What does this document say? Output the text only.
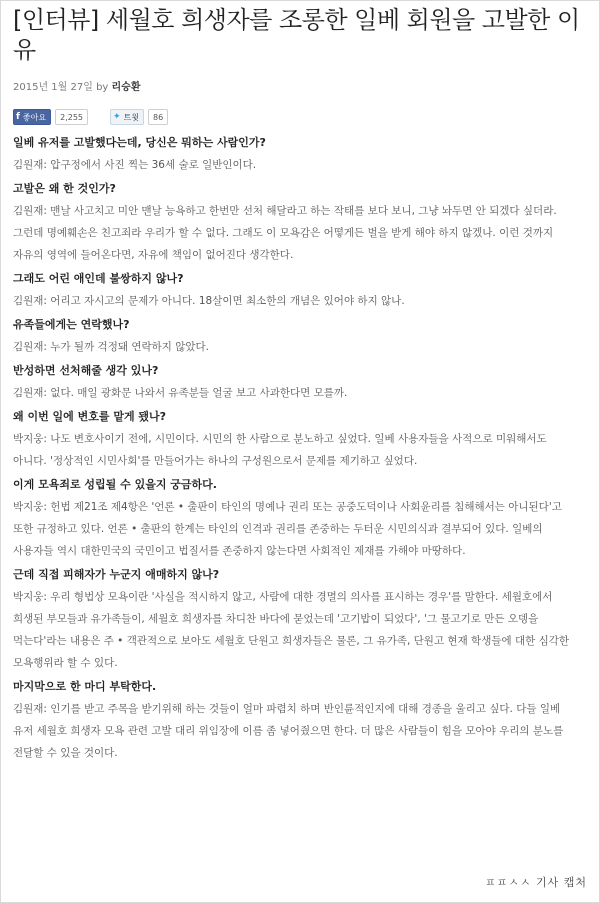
[인터뷰] 세월호 희생자를 조롱한 일베 회원을 고발한 이유
2015년 1월 27일 by 리승환
f 좋아요	2,255	✦ 트윗	86

일베 유저를 고발했다는데, 당신은 뭐하는 사람인가?

김원재: 압구정에서 사진 찍는 36세 술로 일반인이다.

고발은 왜 한 것인가?

김원재: 맨날 사고치고 미안 맨날 능욕하고 한번만 선처 해달라고 하는 작태를 보다 보니, 그냥 놔두면 안 되겠다 싶더라. 그런데 명예훼손은 친고죄라 우리가 할 수 없다. 그래도 이 모욕감은 어떻게든 벌을 받게 해야 하지 않겠나. 이런 것까지 자유의 영역에 들어온다면, 자유에 책임이 없어진다 생각한다.

그래도 어린 애인데 불쌍하지 않나?

김원재: 어리고 자시고의 문제가 아니다. 18살이면 최소한의 개념은 있어야 하지 않나.

유족들에게는 연락했나?

김원재: 누가 될까 걱정돼 연락하지 않았다.

반성하면 선처해줄 생각 있나?

김원재: 없다. 매일 광화문 나와서 유족분들 얼굴 보고 사과한다면 모를까.

왜 이번 일에 변호를 맡게 됐나?

박지웅: 나도 변호사이기 전에, 시민이다. 시민의 한 사람으로 분노하고 싶었다. 일베 사용자들을 사적으로 미워해서도 아니다. '정상적인 시민사회'를 만들어가는 하나의 구성원으로서 문제를 제기하고 싶었다.

이게 모욕죄로 성립될 수 있을지 궁금하다.

박지웅: 헌법 제21조 제4항은 '언론 • 출판이 타인의 명예나 권리 또는 공중도덕이나 사회윤리를 침해해서는 아니된다'고 또한 규정하고 있다. 언론 • 출판의 한계는 타인의 인격과 권리를 존중하는 두터운 시민의식과 결부되어 있다. 일베의 사용자들 역시 대한민국의 국민이고 법질서를 존중하지 않는다면 사회적인 제재를 가해야 마땅하다.

근데 직접 피해자가 누군지 애매하지 않나?

박지웅: 우리 형법상 모욕이란 '사실을 적시하지 않고, 사람에 대한 경멸의 의사를 표시하는 경우'를 말한다. 세월호에서 희생된 부모들과 유가족들이, 세월호 희생자를 차디찬 바다에 묻었는데 '고기밥이 되었다', '그 물고기로 만든 오뎅을 먹는다'라는 내용은 주 • 객관적으로 보아도 세월호 단원고 희생자들은 물론, 그 유가족, 단원고 현재 학생들에 대한 심각한 모욕행위라 할 수 있다.

마지막으로 한 마디 부탁한다.

김원재: 인기를 받고 주목을 받기위해 하는 것들이 얼마 파렴치 하며 반인륜적인지에 대해 경종을 울리고 싶다. 다들 일베 유저 세월호 희생자 모욕 관련 고발 대리 위임장에 이름 좀 넣어줬으면 한다. 더 많은 사람들이 힘을 모아야 우리의 분노를 전달할 수 있을 것이다.

ㅍㅍㅅㅅ 기사 캡처
